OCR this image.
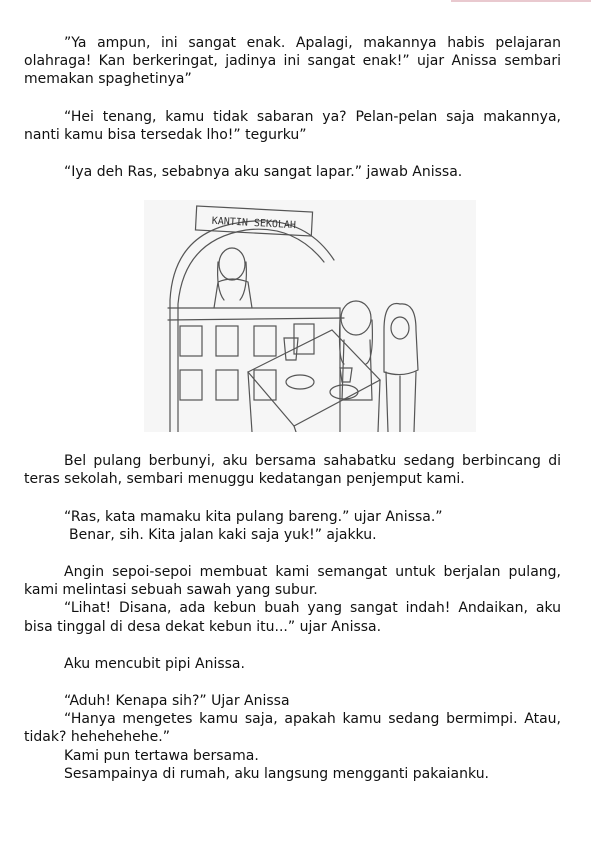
”Ya ampun, ini sangat enak. Apalagi, makannya habis pelajaran olahraga! Kan berkeringat, jadinya ini sangat enak!” ujar Anissa sembari memakan spaghetinya”

“Hei tenang, kamu tidak sabaran ya? Pelan-pelan saja makannya, nanti kamu bisa tersedak lho!” tegurku”

“Iya deh Ras, sebabnya aku sangat lapar.” jawab Anissa.

KANTIN SEKOLAH

Bel pulang berbunyi, aku bersama sahabatku sedang berbincang di teras sekolah, sembari menuggu kedatangan penjemput kami.

“Ras, kata mamaku kita pulang bareng.” ujar Anissa.”

Benar, sih. Kita jalan kaki saja yuk!” ajakku.

Angin sepoi-sepoi membuat kami semangat untuk berjalan pulang, kami melintasi sebuah sawah yang subur.

“Lihat! Disana, ada kebun buah yang sangat indah! Andaikan, aku bisa tinggal di desa dekat kebun itu...” ujar Anissa.

Aku mencubit pipi Anissa.

“Aduh! Kenapa sih?” Ujar Anissa

“Hanya mengetes kamu saja, apakah kamu sedang bermimpi. Atau, tidak? hehehehehe.”

Kami pun tertawa bersama.

Sesampainya di rumah, aku langsung mengganti pakaianku.
